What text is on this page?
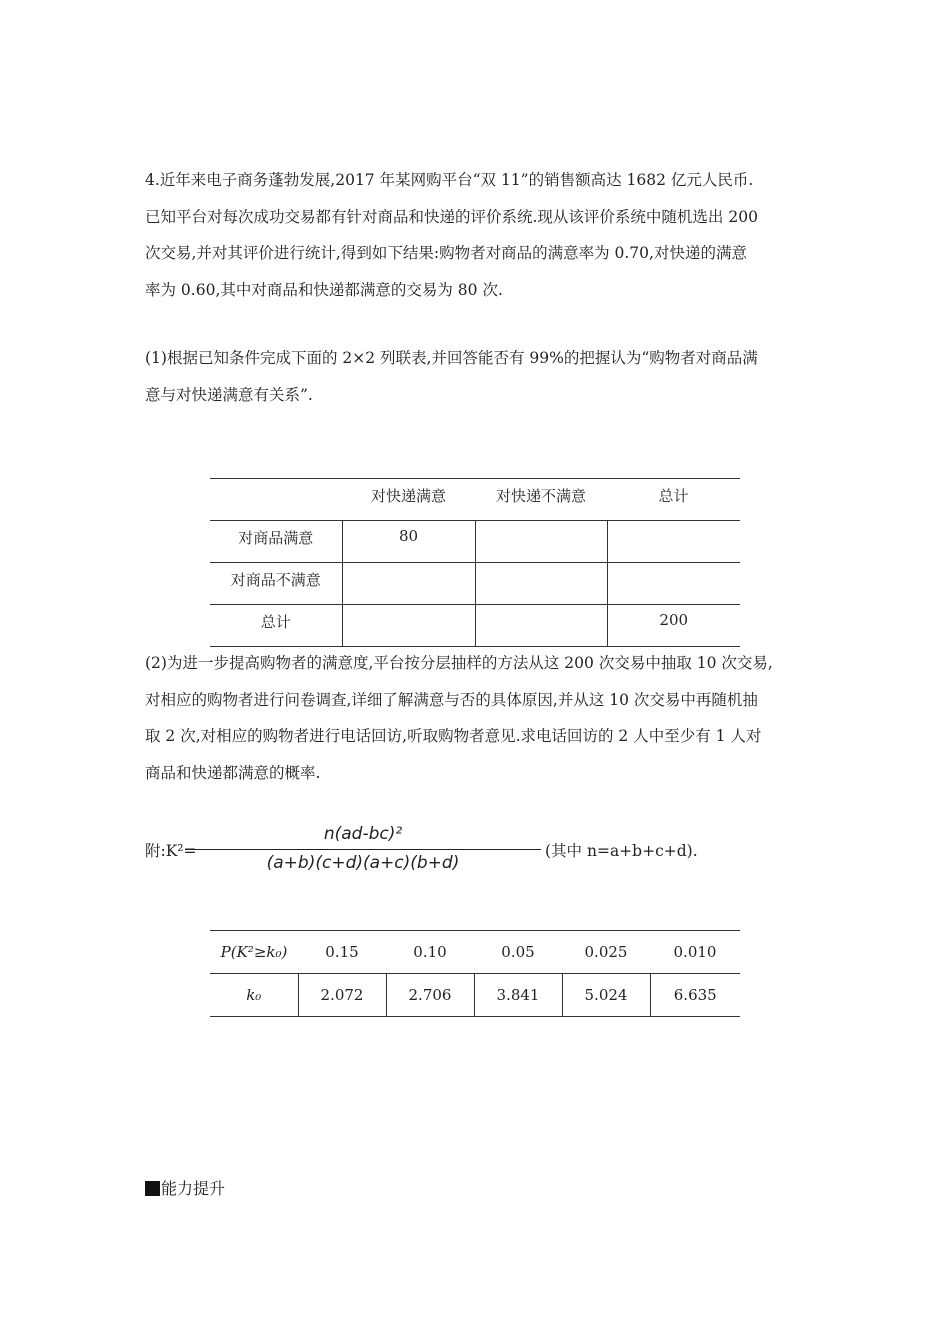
4.近年来电子商务蓬勃发展,2017 年某网购平台“双 11”的销售额高达 1682 亿元人民币.
已知平台对每次成功交易都有针对商品和快递的评价系统.现从该评价系统中随机选出 200
次交易,并对其评价进行统计,得到如下结果:购物者对商品的满意率为 0.70,对快递的满意
率为 0.60,其中对商品和快递都满意的交易为 80 次.
(1)根据已知条件完成下面的 2×2 列联表,并回答能否有 99%的把握认为“购物者对商品满
意与对快递满意有关系”.
	对快递满意	对快递不满意	总计
对商品满意	80		
对商品不满意			
总计			200
(2)为进一步提高购物者的满意度,平台按分层抽样的方法从这 200 次交易中抽取 10 次交易,
对相应的购物者进行问卷调查,详细了解满意与否的具体原因,并从这 10 次交易中再随机抽
取 2 次,对相应的购物者进行电话回访,听取购物者意见.求电话回访的 2 人中至少有 1 人对
商品和快递都满意的概率.
附:K²=
n(ad-bc)²
(a+b)(c+d)(a+c)(b+d)
(其中 n=a+b+c+d).
P(K²≥k₀)	0.15	0.10	0.05	0.025	0.010
k₀	2.072	2.706	3.841	5.024	6.635
能力提升
